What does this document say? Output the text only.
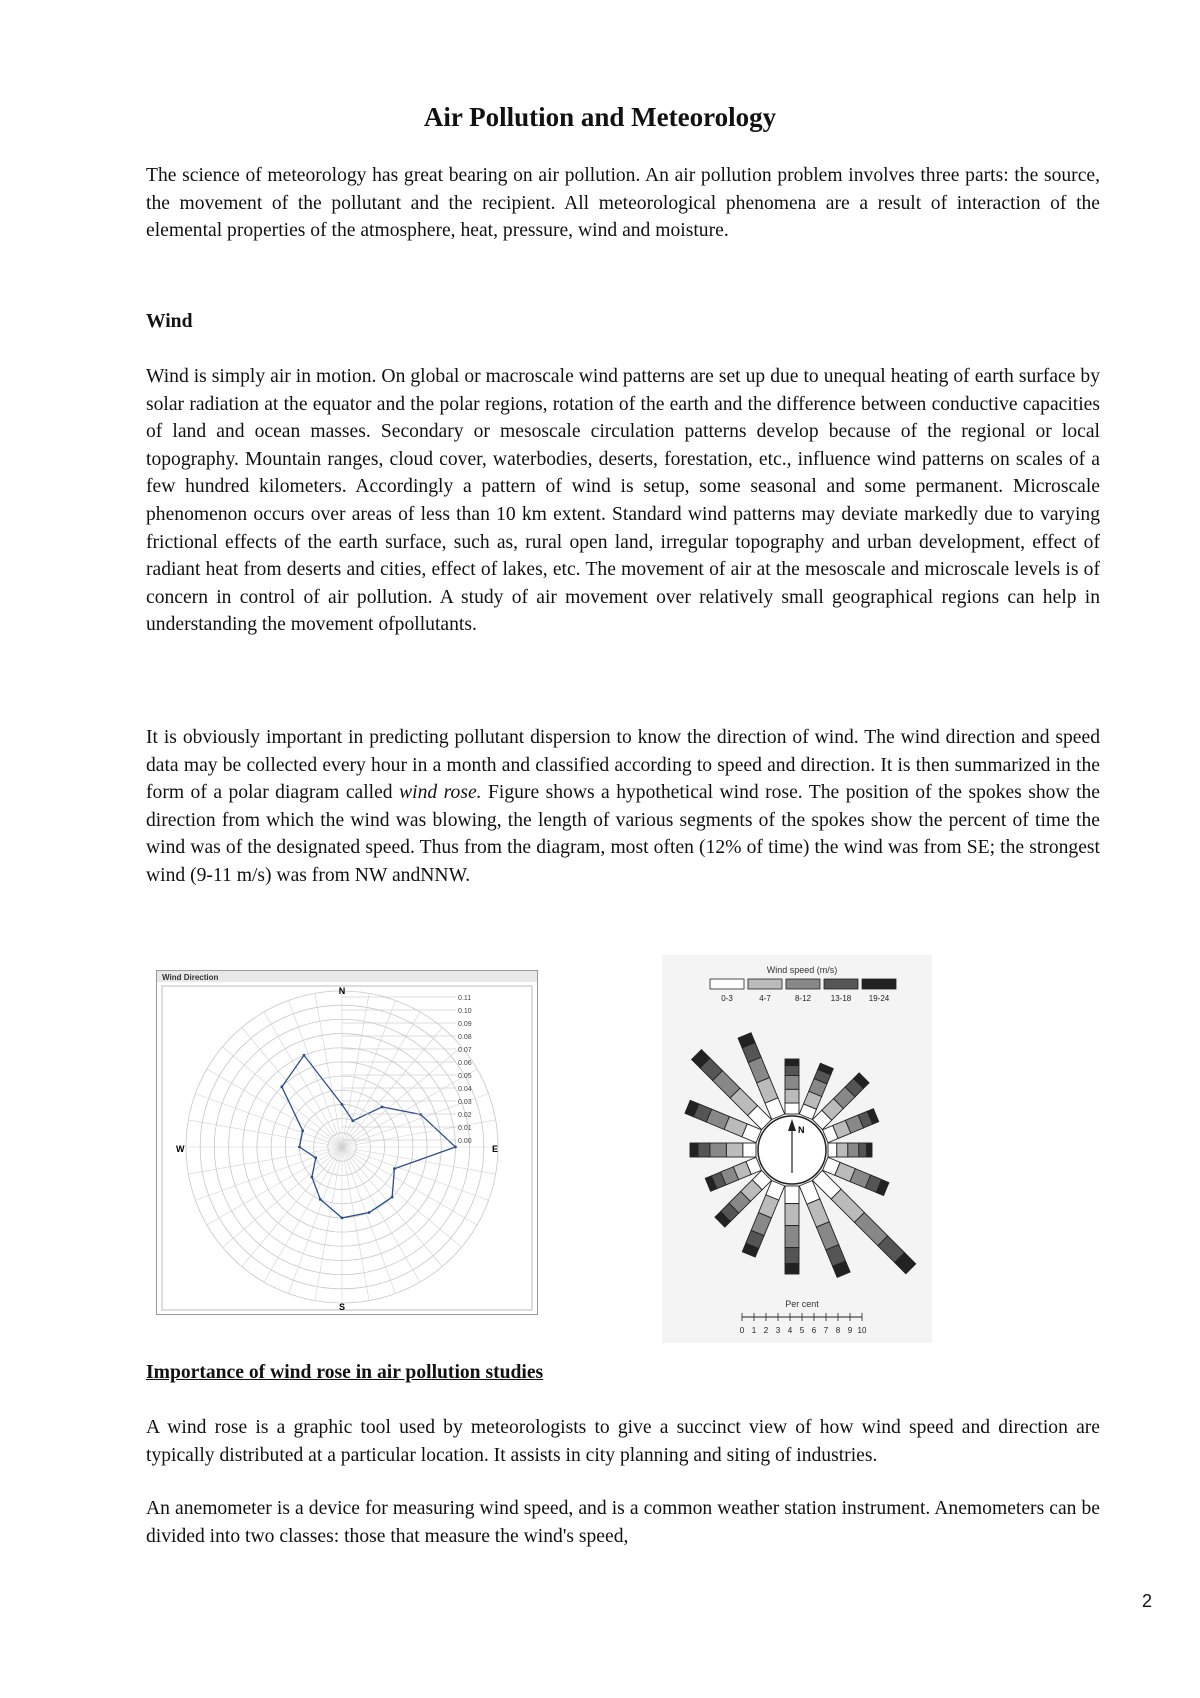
Air Pollution and Meteorology

The science of meteorology has great bearing on air pollution. An air pollution problem involves three parts: the source, the movement of the pollutant and the recipient. All meteorological phenomena are a result of interaction of the elemental properties of the atmosphere, heat, pressure, wind and moisture.

Wind

Wind is simply air in motion. On global or macroscale wind patterns are set up due to unequal heating of earth surface by solar radiation at the equator and the polar regions, rotation of the earth and the difference between conductive capacities of land and ocean masses. Secondary or mesoscale circulation patterns develop because of the regional or local topography. Mountain ranges, cloud cover, waterbodies, deserts, forestation, etc., influence wind patterns on scales of a few hundred kilometers. Accordingly a pattern of wind is setup, some seasonal and some permanent. Microscale phenomenon occurs over areas of less than 10 km extent. Standard wind patterns may deviate markedly due to varying frictional effects of the earth surface, such as, rural open land, irregular topography and urban development, effect of radiant heat from deserts and cities, effect of lakes, etc. The movement of air at the mesoscale and microscale levels is of concern in control of air pollution. A study of air movement over relatively small geographical regions can help in understanding the movement ofpollutants.

It is obviously important in predicting pollutant dispersion to know the direction of wind. The wind direction and speed data may be collected every hour in a month and classified according to speed and direction. It is then summarized in the form of a polar diagram called wind rose. Figure shows a hypothetical wind rose. The position of the spokes show the direction from which the wind was blowing, the length of various segments of the spokes show the percent of time the wind was of the designated speed. Thus from the diagram, most often (12% of time) the wind was from SE; the strongest wind (9-11 m/s) was from NW andNNW.

Wind Direction
0.11
0.10
0.09
0.08
0.07
0.06
0.05
0.04
0.03
0.02
0.01
0.00
N
E
S
W
Wind speed (m/s)
0-3	4-7	8-12 13-18 19-24
N
Per cent
0 1 2 3 4 5 6 7 8 9 10

Importance of wind rose in air pollution studies

A wind rose is a graphic tool used by meteorologists to give a succinct view of how wind speed and direction are typically distributed at a particular location. It assists in city planning and siting of industries.

An anemometer is a device for measuring wind speed, and is a common weather station instrument. Anemometers can be divided into two classes: those that measure the wind's speed,

2
